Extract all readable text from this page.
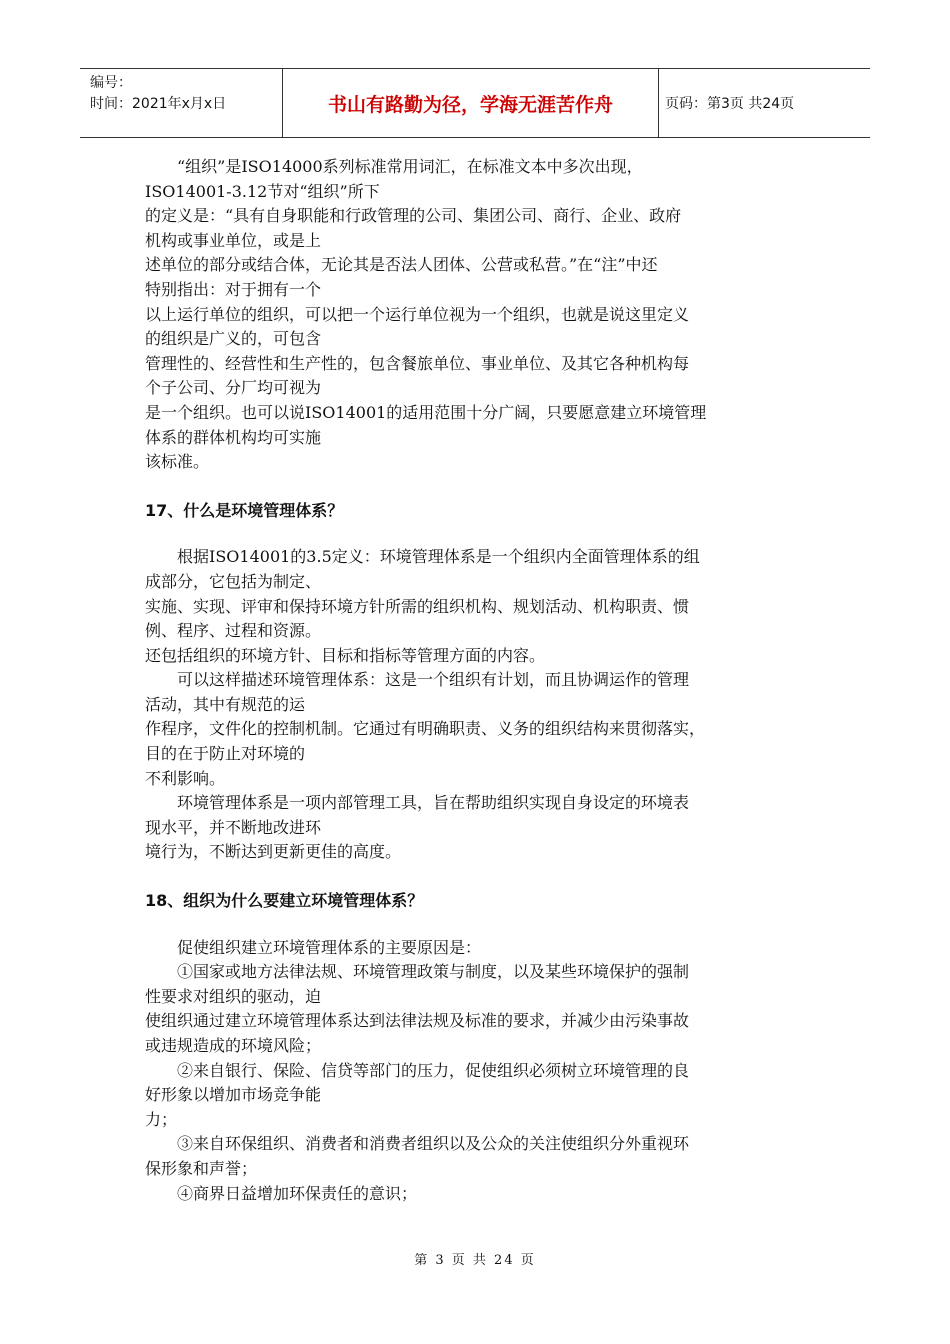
编号：
时间：2021年x月x日	书山有路勤为径，学海无涯苦作舟	页码：第3页 共24页

“组织”是ISO14000系列标准常用词汇，在标准文本中多次出现，

ISO14001-3.12节对“组织”所下

的定义是：“具有自身职能和行政管理的公司、集团公司、商行、企业、政府

机构或事业单位，或是上

述单位的部分或结合体，无论其是否法人团体、公营或私营。”在“注”中还

特别指出：对于拥有一个

以上运行单位的组织，可以把一个运行单位视为一个组织，也就是说这里定义

的组织是广义的，可包含

管理性的、经营性和生产性的，包含餐旅单位、事业单位、及其它各种机构每

个子公司、分厂均可视为

是一个组织。也可以说ISO14001的适用范围十分广阔，只要愿意建立环境管理

体系的群体机构均可实施

该标准。

17、什么是环境管理体系？

根据ISO14001的3.5定义：环境管理体系是一个组织内全面管理体系的组

成部分，它包括为制定、

实施、实现、评审和保持环境方针所需的组织机构、规划活动、机构职责、惯

例、程序、过程和资源。

还包括组织的环境方针、目标和指标等管理方面的内容。

可以这样描述环境管理体系：这是一个组织有计划，而且协调运作的管理

活动，其中有规范的运

作程序，文件化的控制机制。它通过有明确职责、义务的组织结构来贯彻落实，

目的在于防止对环境的

不利影响。

环境管理体系是一项内部管理工具，旨在帮助组织实现自身设定的环境表

现水平，并不断地改进环

境行为，不断达到更新更佳的高度。

18、组织为什么要建立环境管理体系？

促使组织建立环境管理体系的主要原因是：

①国家或地方法律法规、环境管理政策与制度，以及某些环境保护的强制

性要求对组织的驱动，迫

使组织通过建立环境管理体系达到法律法规及标准的要求，并减少由污染事故

或违规造成的环境风险；

②来自银行、保险、信贷等部门的压力，促使组织必须树立环境管理的良

好形象以增加市场竞争能

力；

③来自环保组织、消费者和消费者组织以及公众的关注使组织分外重视环

保形象和声誉；

④商界日益增加环保责任的意识；

第 3 页 共 24 页
